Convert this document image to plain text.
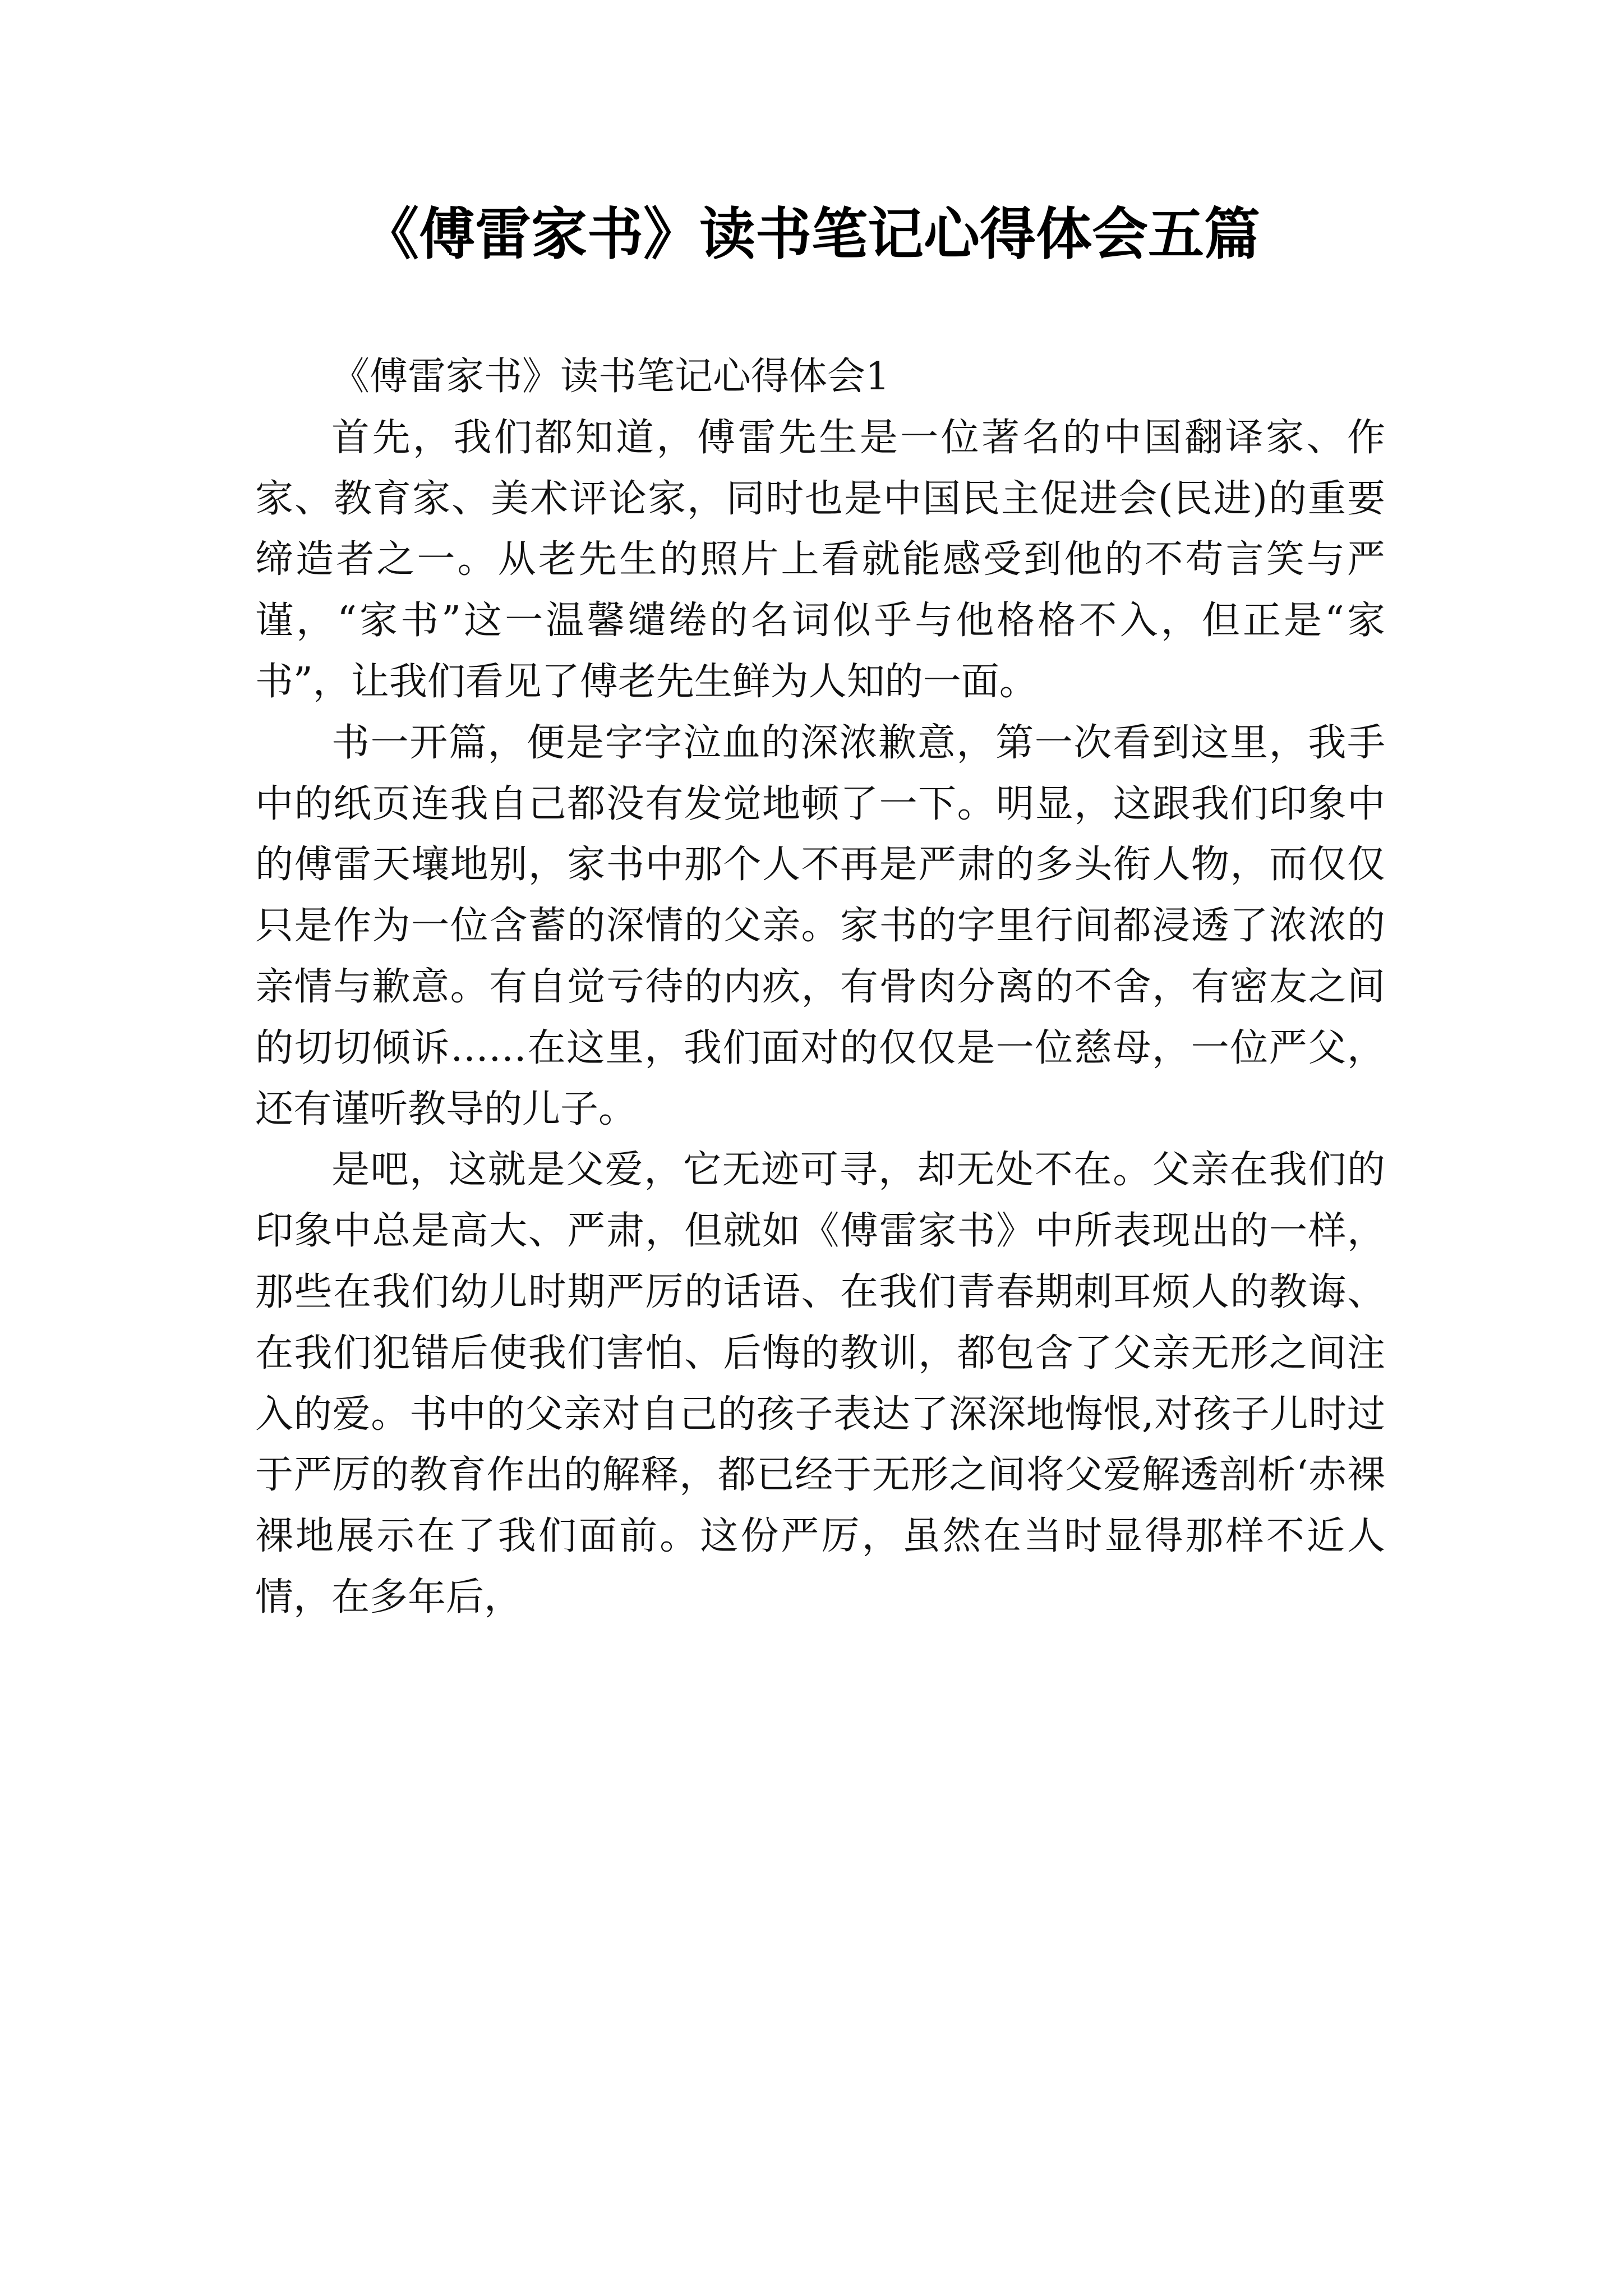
《傅雷家书》读书笔记心得体会五篇

《傅雷家书》读书笔记心得体会1

首先，我们都知道，傅雷先生是一位著名的中国翻译家、作家、教育家、美术评论家，同时也是中国民主促进会(民进)的重要缔造者之一。从老先生的照片上看就能感受到他的不苟言笑与严谨，“家书”这一温馨缱绻的名词似乎与他格格不入，但正是“家书”，让我们看见了傅老先生鲜为人知的一面。

书一开篇，便是字字泣血的深浓歉意，第一次看到这里，我手中的纸页连我自己都没有发觉地顿了一下。明显，这跟我们印象中的傅雷天壤地别，家书中那个人不再是严肃的多头衔人物，而仅仅只是作为一位含蓄的深情的父亲。家书的字里行间都浸透了浓浓的亲情与歉意。有自觉亏待的内疚，有骨肉分离的不舍，有密友之间的切切倾诉……在这里，我们面对的仅仅是一位慈母，一位严父，还有谨听教导的儿子。

是吧，这就是父爱，它无迹可寻，却无处不在。父亲在我们的印象中总是高大、严肃，但就如《傅雷家书》中所表现出的一样，那些在我们幼儿时期严厉的话语、在我们青春期刺耳烦人的教诲、在我们犯错后使我们害怕、后悔的教训，都包含了父亲无形之间注入的爱。书中的父亲对自己的孩子表达了深深地悔恨,对孩子儿时过于严厉的教育作出的解释，都已经于无形之间将父爱解透剖析‘赤裸裸地展示在了我们面前。这份严厉，虽然在当时显得那样不近人情，在多年后，
